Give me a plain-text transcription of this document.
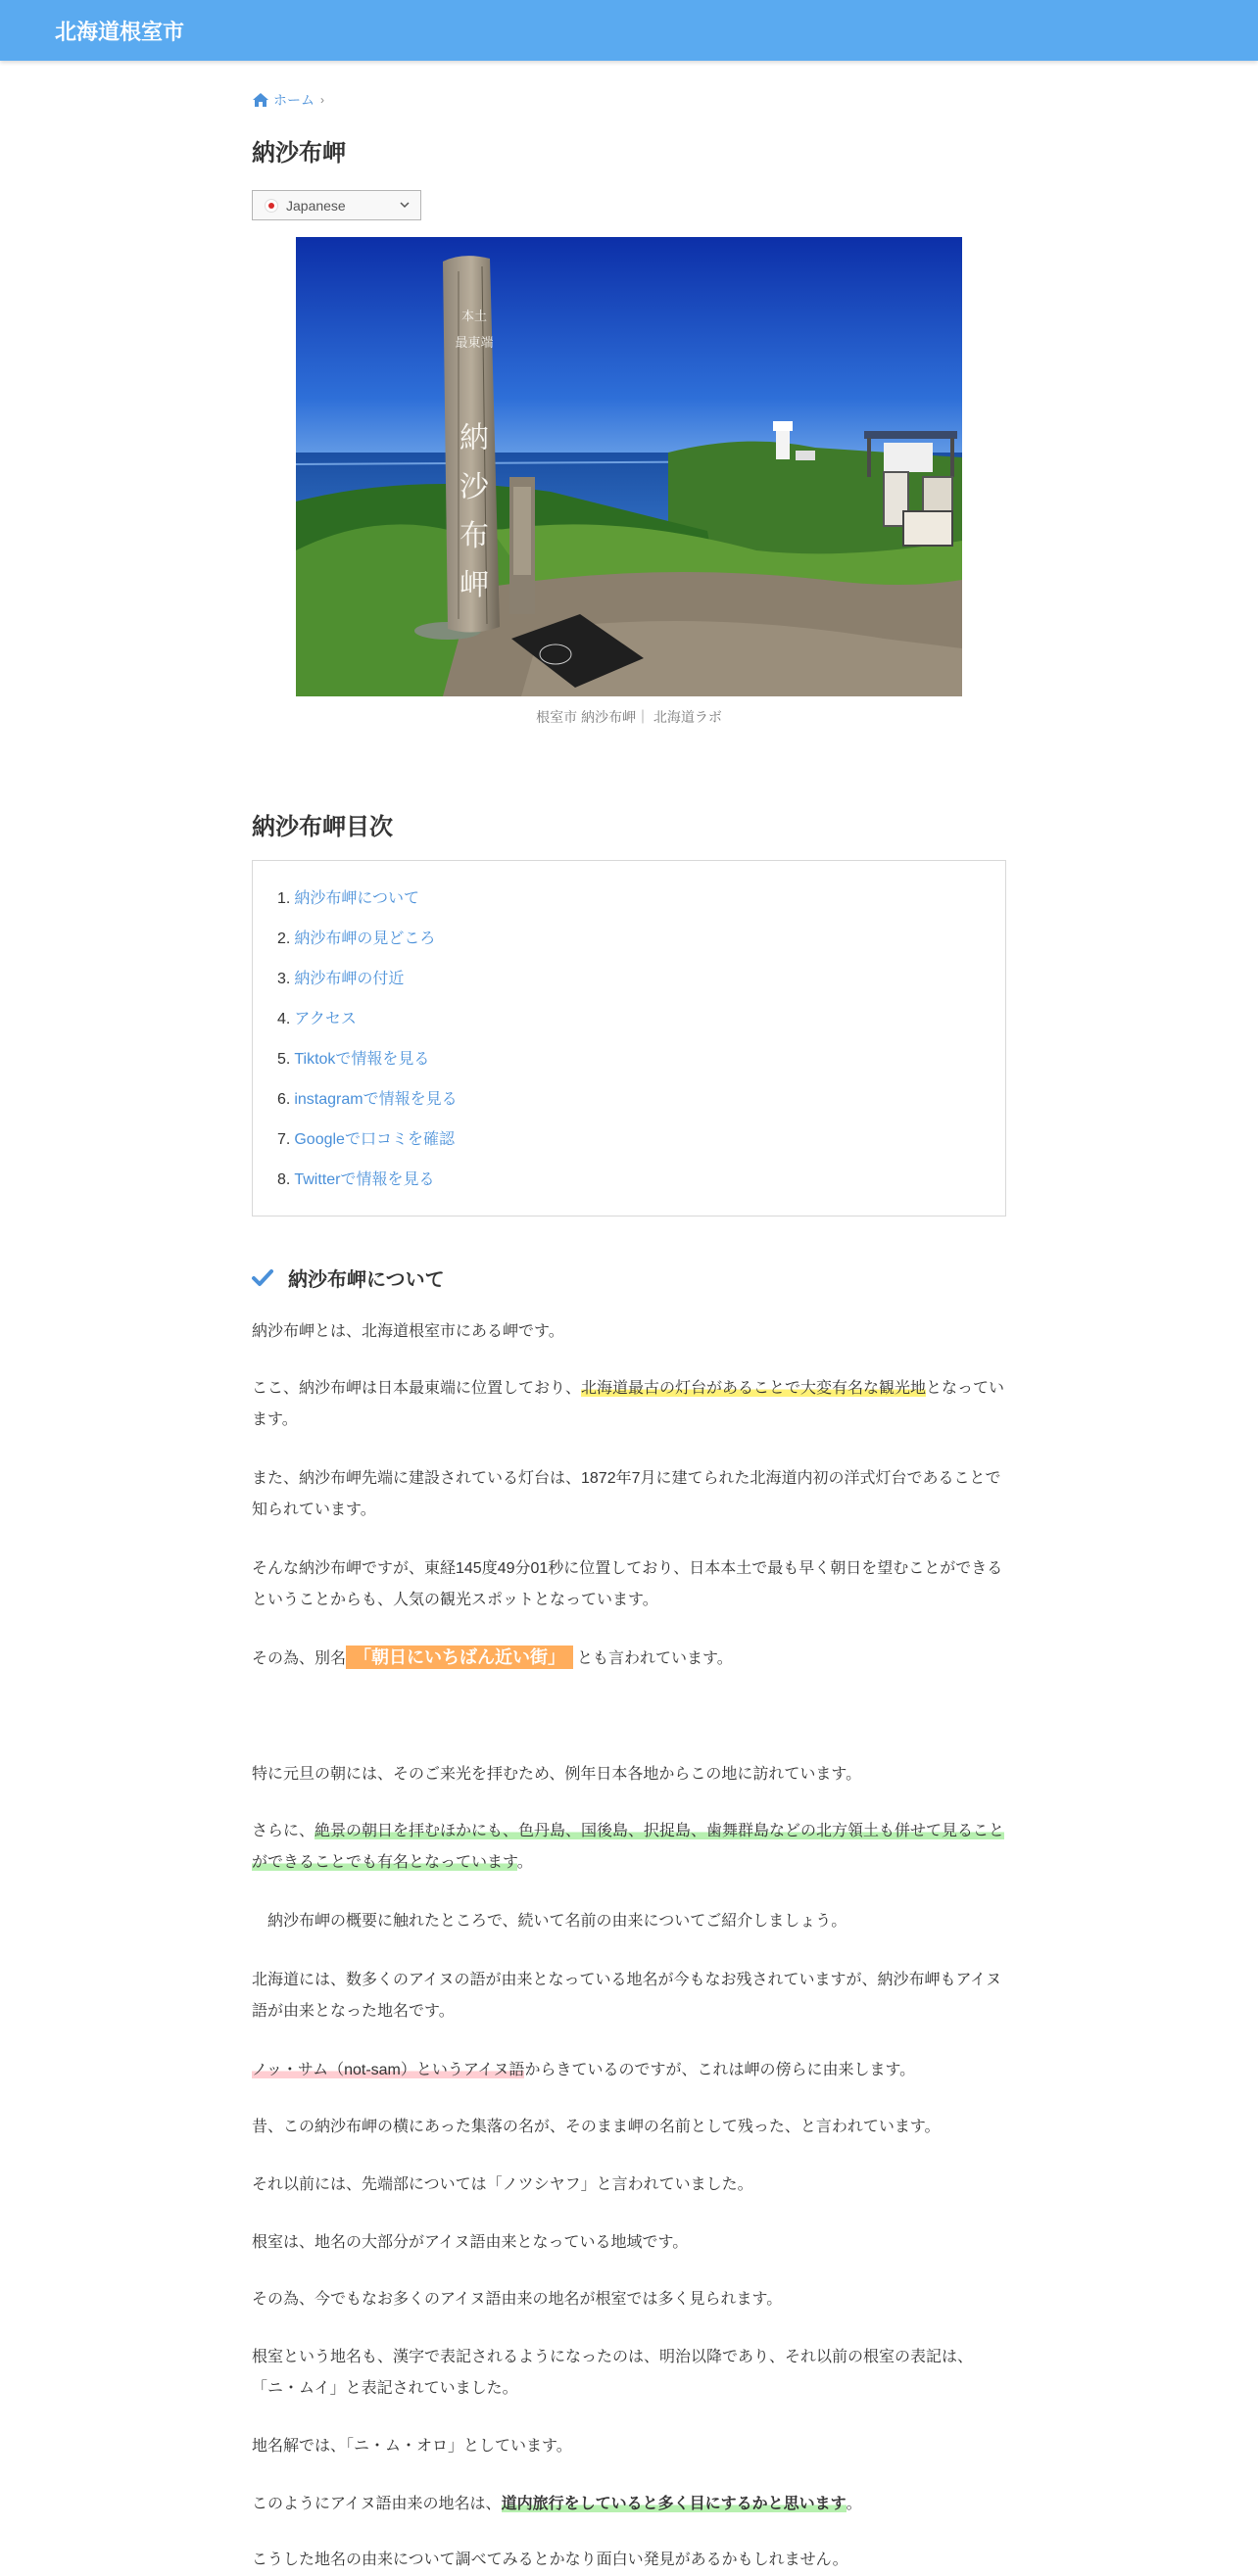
北海道根室市
ホーム ›
納沙布岬
Japanese
本土
最東端
納
沙
布
岬
根室市 納沙布岬｜ 北海道ラボ
納沙布岬目次
1. 納沙布岬について
2. 納沙布岬の見どころ
3. 納沙布岬の付近
4. アクセス
5. Tiktokで情報を見る
6. instagramで情報を見る
7. Googleで口コミを確認
8. Twitterで情報を見る
納沙布岬について

納沙布岬とは、北海道根室市にある岬です。

ここ、納沙布岬は日本最東端に位置しており、北海道最古の灯台があることで大変有名な観光地となっています。

また、納沙布岬先端に建設されている灯台は、1872年7月に建てられた北海道内初の洋式灯台であることで知られています。

そんな納沙布岬ですが、東経145度49分01秒に位置しており、日本本土で最も早く朝日を望むことができるということからも、人気の観光スポットとなっています。

その為、別名 「朝日にいちばん近い街」 とも言われています。

特に元旦の朝には、そのご来光を拝むため、例年日本各地からこの地に訪れています。

さらに、絶景の朝日を拝むほかにも、色丹島、国後島、択捉島、歯舞群島などの北方領土も併せて見ることができることでも有名となっています。

　納沙布岬の概要に触れたところで、続いて名前の由来についてご紹介しましょう。

北海道には、数多くのアイヌの語が由来となっている地名が今もなお残されていますが、納沙布岬もアイヌ語が由来となった地名です。

ノッ・サム（not-sam）というアイヌ語からきているのですが、これは岬の傍らに由来します。

昔、この納沙布岬の横にあった集落の名が、そのまま岬の名前として残った、と言われています。

それ以前には、先端部については「ノツシヤフ」と言われていました。

根室は、地名の大部分がアイヌ語由来となっている地域です。

その為、今でもなお多くのアイヌ語由来の地名が根室では多く見られます。

根室という地名も、漢字で表記されるようになったのは、明治以降であり、それ以前の根室の表記は、「ニ・ムイ」と表記されていました。

地名解では、「ニ・ム・オロ」としています。

このようにアイヌ語由来の地名は、道内旅行をしていると多く目にするかと思います。

こうした地名の由来について調べてみるとかなり面白い発見があるかもしれません。
